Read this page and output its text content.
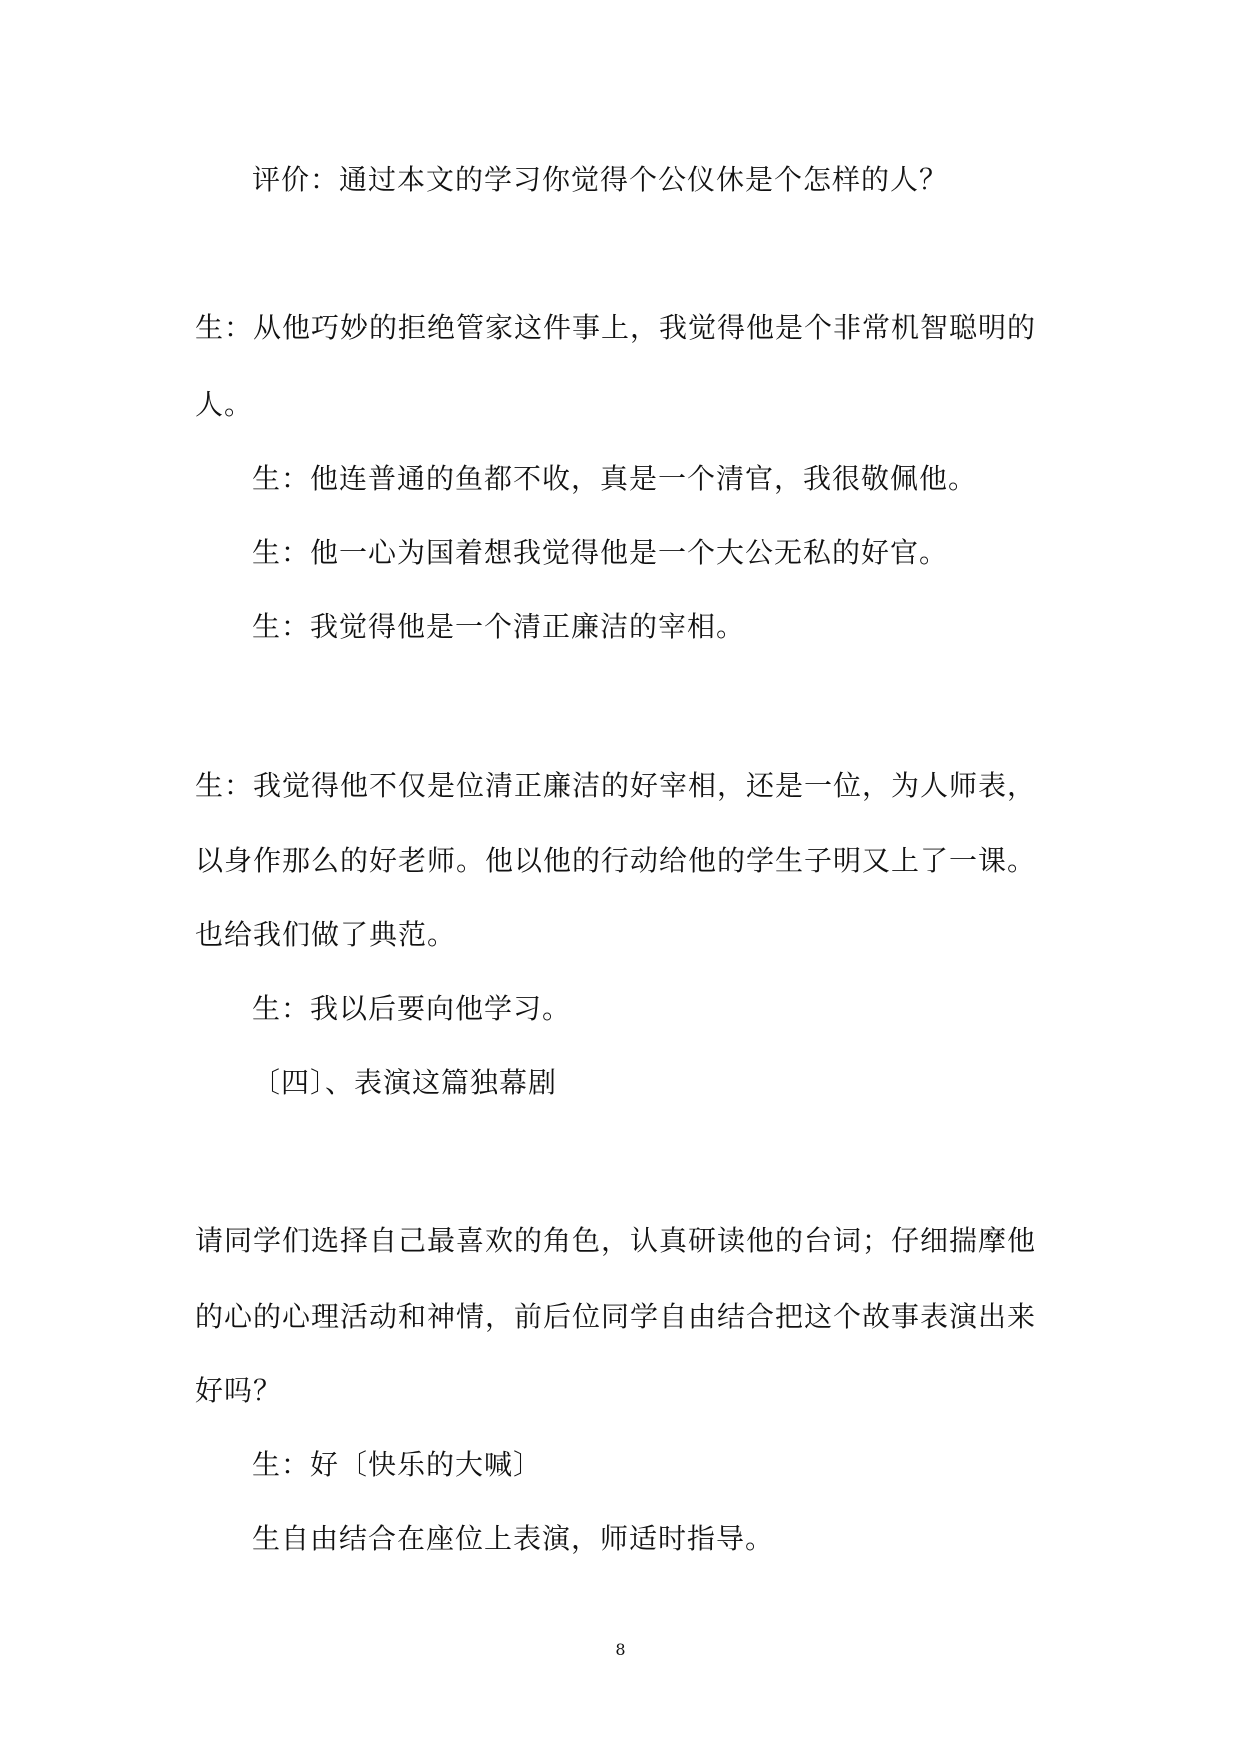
评价：通过本文的学习你觉得个公仪休是个怎样的人？
生：从他巧妙的拒绝管家这件事上，我觉得他是个非常机智聪明的
人。
生：他连普通的鱼都不收，真是一个清官，我很敬佩他。
生：他一心为国着想我觉得他是一个大公无私的好官。
生：我觉得他是一个清正廉洁的宰相。
生：我觉得他不仅是位清正廉洁的好宰相，还是一位，为人师表，
以身作那么的好老师。他以他的行动给他的学生子明又上了一课。
也给我们做了典范。
生：我以后要向他学习。
〔四〕、表演这篇独幕剧
请同学们选择自己最喜欢的角色，认真研读他的台词；仔细揣摩他
的心的心理活动和神情，前后位同学自由结合把这个故事表演出来
好吗？
生：好〔快乐的大喊〕
生自由结合在座位上表演，师适时指导。
8
